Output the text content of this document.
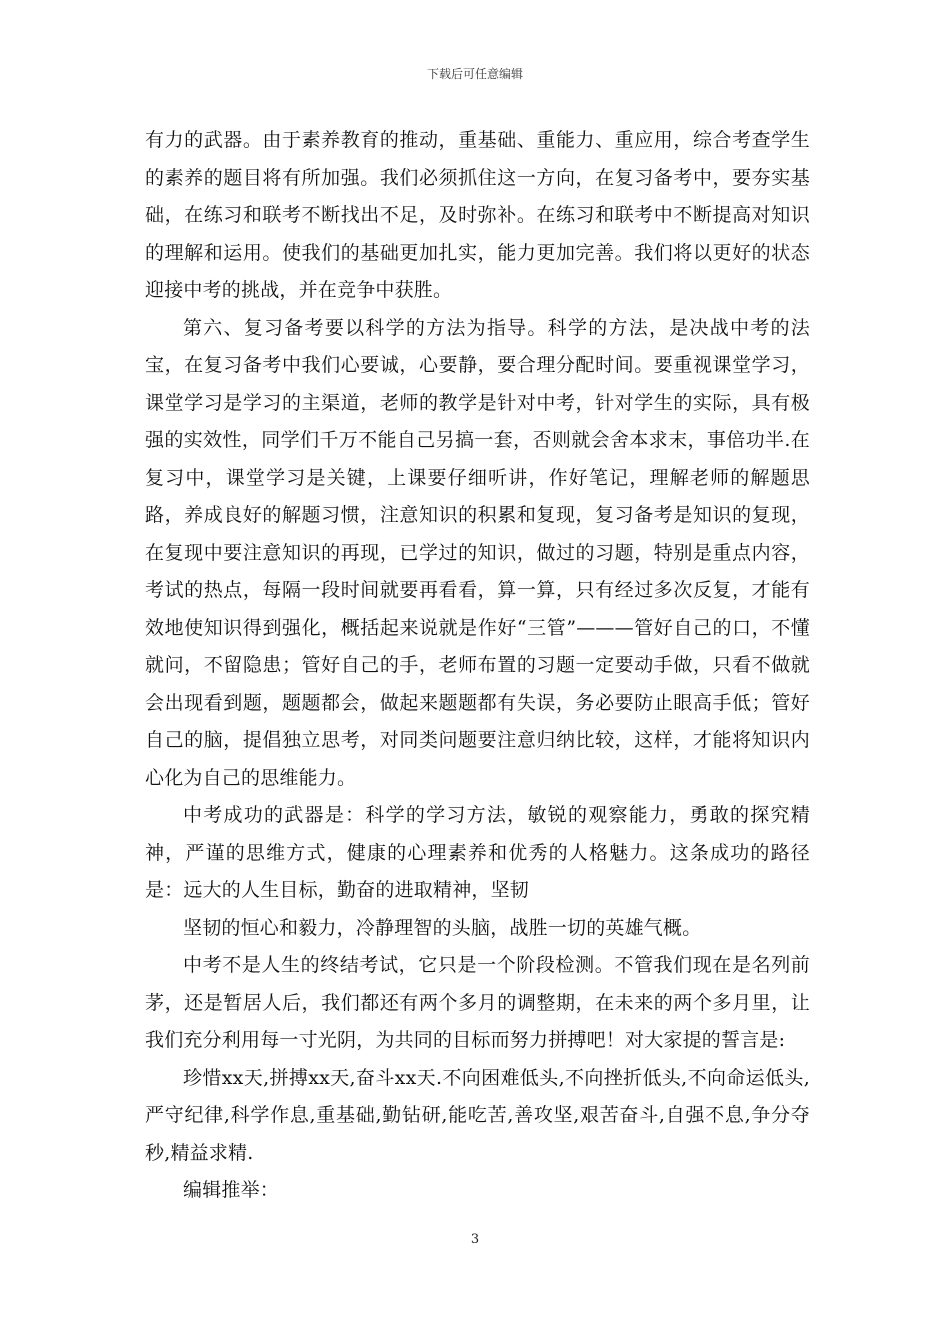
下载后可任意编辑

有力的武器。由于素养教育的推动，重基础、重能力、重应用，综合考查学生的素养的题目将有所加强。我们必须抓住这一方向，在复习备考中，要夯实基础，在练习和联考不断找出不足，及时弥补。在练习和联考中不断提高对知识的理解和运用。使我们的基础更加扎实，能力更加完善。我们将以更好的状态迎接中考的挑战，并在竞争中获胜。

第六、复习备考要以科学的方法为指导。科学的方法，是决战中考的法宝，在复习备考中我们心要诚，心要静，要合理分配时间。要重视课堂学习，课堂学习是学习的主渠道，老师的教学是针对中考，针对学生的实际，具有极强的实效性，同学们千万不能自己另搞一套，否则就会舍本求末，事倍功半.在复习中，课堂学习是关键，上课要仔细听讲，作好笔记，理解老师的解题思路，养成良好的解题习惯，注意知识的积累和复现，复习备考是知识的复现，在复现中要注意知识的再现，已学过的知识，做过的习题，特别是重点内容，考试的热点，每隔一段时间就要再看看，算一算，只有经过多次反复，才能有效地使知识得到强化，概括起来说就是作好“三管”———管好自己的口，不懂就问，不留隐患；管好自己的手，老师布置的习题一定要动手做，只看不做就会出现看到题，题题都会，做起来题题都有失误，务必要防止眼高手低；管好自己的脑，提倡独立思考，对同类问题要注意归纳比较，这样，才能将知识内心化为自己的思维能力。

中考成功的武器是：科学的学习方法，敏锐的观察能力，勇敢的探究精神，严谨的思维方式，健康的心理素养和优秀的人格魅力。这条成功的路径是：远大的人生目标，勤奋的进取精神，坚韧

坚韧的恒心和毅力，冷静理智的头脑，战胜一切的英雄气概。

中考不是人生的终结考试，它只是一个阶段检测。不管我们现在是名列前茅，还是暂居人后，我们都还有两个多月的调整期，在未来的两个多月里，让我们充分利用每一寸光阴，为共同的目标而努力拼搏吧！对大家提的誓言是:

珍惜xx天,拼搏xx天,奋斗xx天.不向困难低头,不向挫折低头,不向命运低头,严守纪律,科学作息,重基础,勤钻研,能吃苦,善攻坚,艰苦奋斗,自强不息,争分夺秒,精益求精.

编辑推举：

3
